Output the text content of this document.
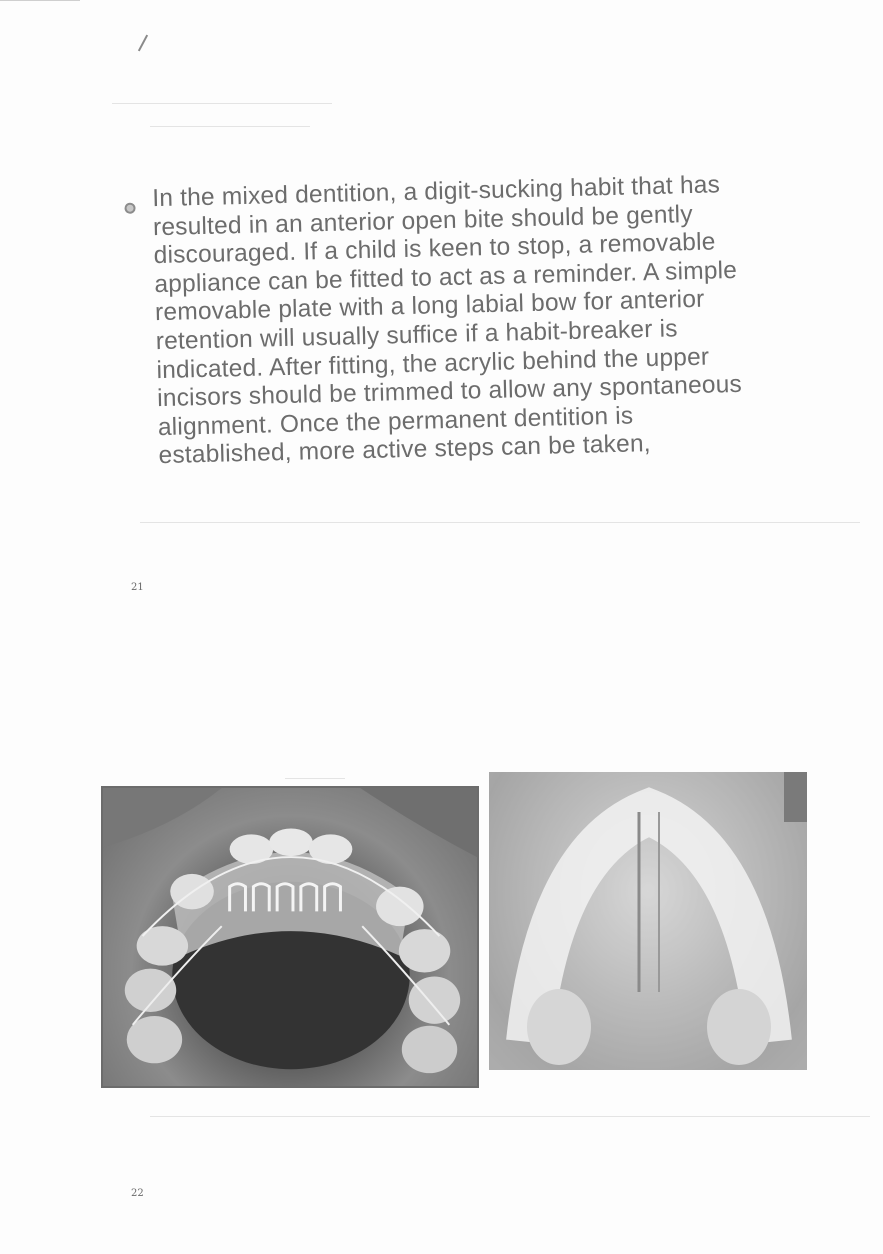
In the mixed dentition, a digit-sucking habit that has resulted in an anterior open bite should be gently discouraged. If a child is keen to stop, a removable appliance can be fitted to act as a reminder. A simple removable plate with a long labial bow for anterior retention will usually suffice if a habit-breaker is indicated. After fitting, the acrylic behind the upper incisors should be trimmed to allow any spontaneous alignment. Once the permanent dentition is established, more active steps can be taken,

21
22
